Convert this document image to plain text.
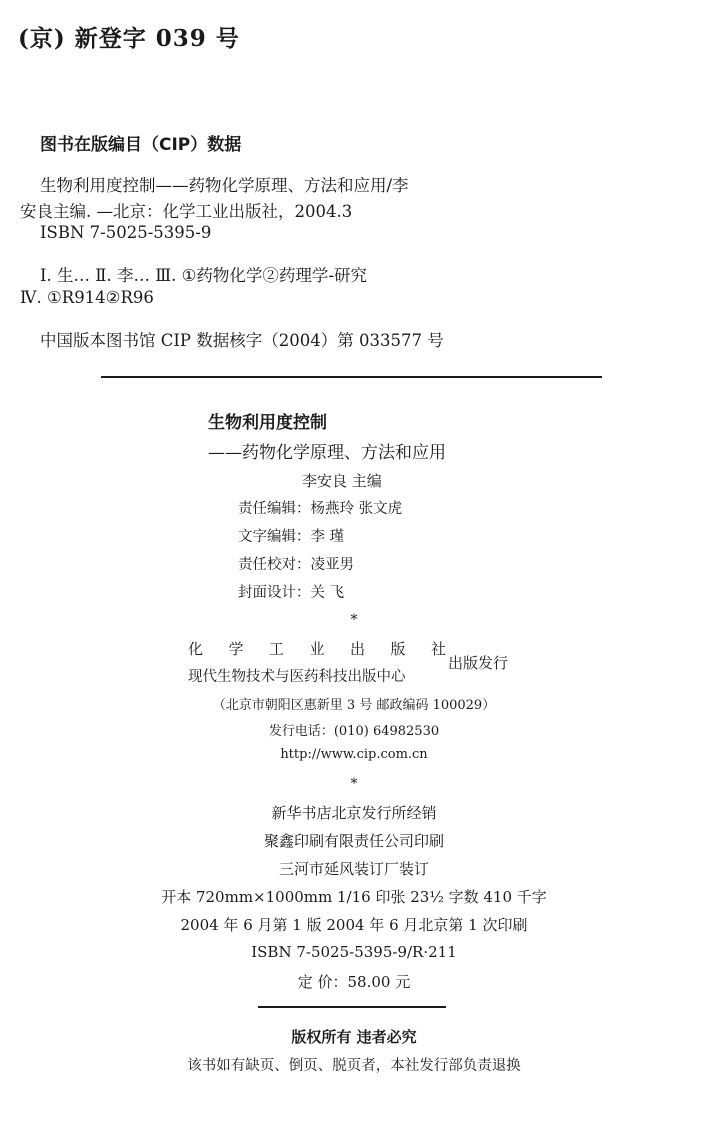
(京) 新登字 039 号
图书在版编目（CIP）数据
生物利用度控制——药物化学原理、方法和应用/李
安良主编. —北京：化学工业出版社，2004.3
ISBN 7-5025-5395-9
Ⅰ. 生… Ⅱ. 李… Ⅲ. ①药物化学②药理学-研究
Ⅳ. ①R914②R96
中国版本图书馆 CIP 数据核字（2004）第 033577 号
生物利用度控制
——药物化学原理、方法和应用
李安良 主编
责任编辑：杨燕玲 张文虎
文字编辑：李 瑾
责任校对：凌亚男
封面设计：关 飞
*
化学工业出版社
现代生物技术与医药科技出版中心
出版发行
（北京市朝阳区惠新里 3 号 邮政编码 100029）
发行电话：(010) 64982530
http://www.cip.com.cn
*
新华书店北京发行所经销
聚鑫印刷有限责任公司印刷
三河市延风装订厂装订
开本 720mm×1000mm 1/16 印张 23½ 字数 410 千字
2004 年 6 月第 1 版 2004 年 6 月北京第 1 次印刷
ISBN 7-5025-5395-9/R·211
定 价：58.00 元
版权所有 违者必究
该书如有缺页、倒页、脱页者，本社发行部负责退换
